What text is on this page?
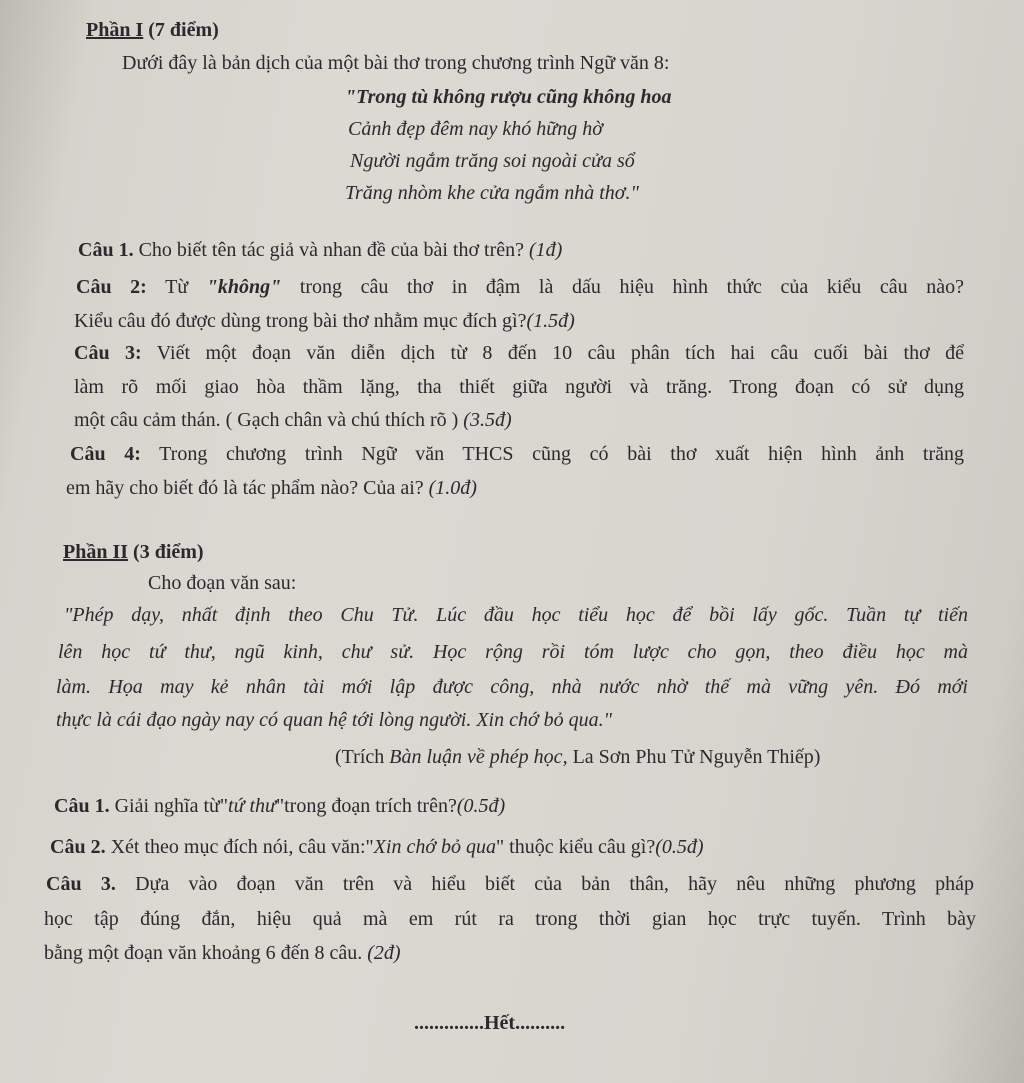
Phần I (7 điểm)
Dưới đây là bản dịch của một bài thơ trong chương trình Ngữ văn 8:
"Trong tù không rượu cũng không hoa
Cảnh đẹp đêm nay khó hững hờ
Người ngắm trăng soi ngoài cửa sổ
Trăng nhòm khe cửa ngắm nhà thơ."
Câu 1. Cho biết tên tác giả và nhan đề của bài thơ trên? (1đ)
Câu 2: Từ "không" trong câu thơ in đậm là dấu hiệu hình thức của kiểu câu nào?
Kiểu câu đó được dùng trong bài thơ nhằm mục đích gì?(1.5đ)
Câu 3: Viết một đoạn văn diễn dịch từ 8 đến 10 câu phân tích hai câu cuối bài thơ để
làm rõ mối giao hòa thầm lặng, tha thiết giữa người và trăng. Trong đoạn có sử dụng
một câu cảm thán. ( Gạch chân và chú thích rõ ) (3.5đ)
Câu 4: Trong chương trình Ngữ văn THCS cũng có bài thơ xuất hiện hình ảnh trăng
em hãy cho biết đó là tác phẩm nào? Của ai? (1.0đ)
Phần II (3 điểm)
Cho đoạn văn sau:
"Phép dạy, nhất định theo Chu Tử. Lúc đầu học tiểu học để bồi lấy gốc. Tuần tự tiến
lên học tứ thư, ngũ kinh, chư sử. Học rộng rồi tóm lược cho gọn, theo điều học mà
làm. Họa may kẻ nhân tài mới lập được công, nhà nước nhờ thế mà vững yên. Đó mới
thực là cái đạo ngày nay có quan hệ tới lòng người. Xin chớ bỏ qua."
(Trích Bàn luận về phép học, La Sơn Phu Tử Nguyễn Thiếp)
Câu 1. Giải nghĩa từ"tứ thư"trong đoạn trích trên?(0.5đ)
Câu 2. Xét theo mục đích nói, câu văn:"Xin chớ bỏ qua" thuộc kiểu câu gì?(0.5đ)
Câu 3. Dựa vào đoạn văn trên và hiểu biết của bản thân, hãy nêu những phương pháp
học tập đúng đắn, hiệu quả mà em rút ra trong thời gian học trực tuyến. Trình bày
bằng một đoạn văn khoảng 6 đến 8 câu. (2đ)
..............Hết..........
